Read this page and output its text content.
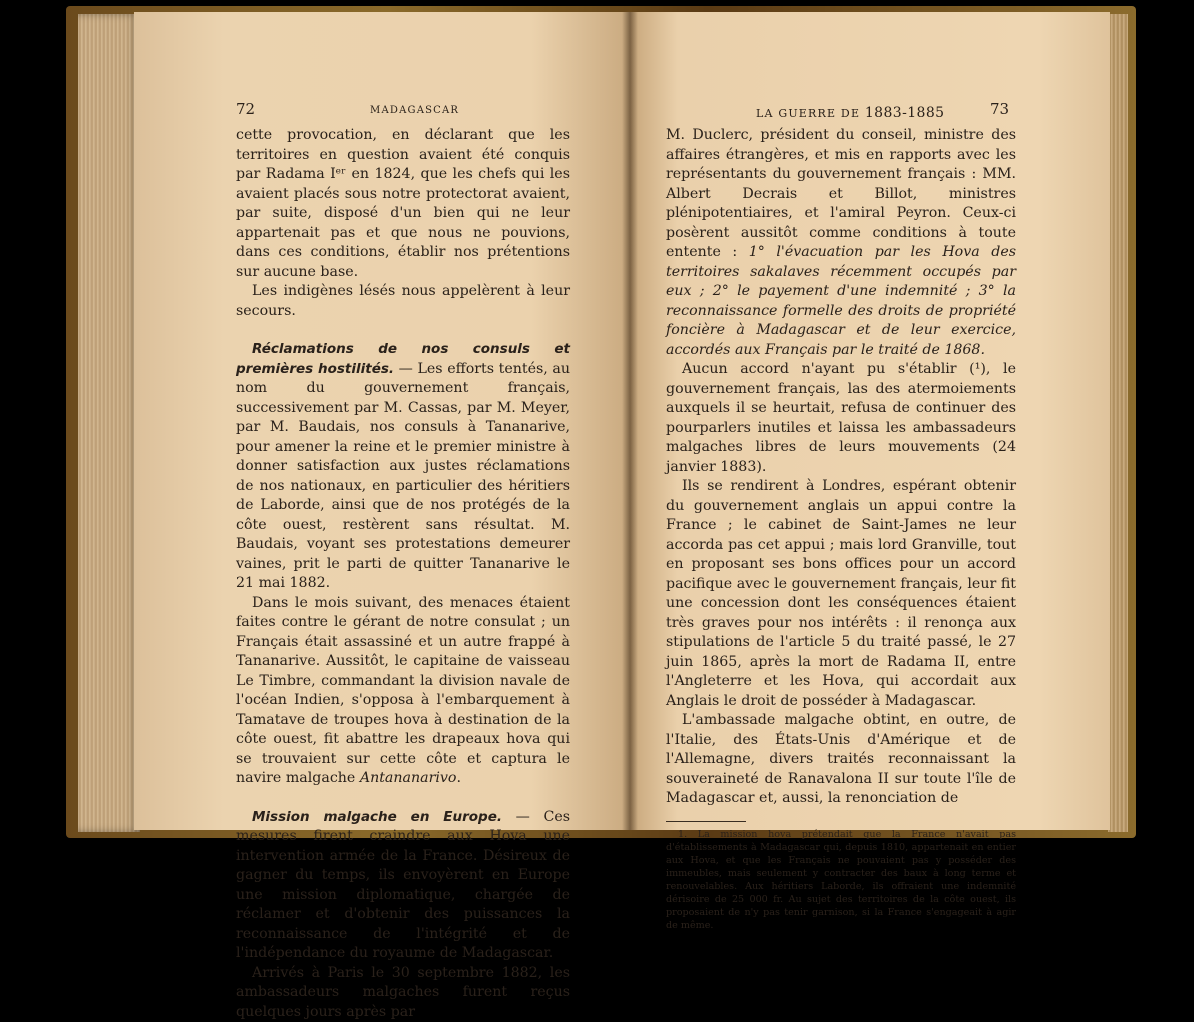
72	MADAGASCAR

cette provocation, en déclarant que les territoires en question avaient été conquis par Radama Iᵉʳ en 1824, que les chefs qui les avaient placés sous notre protectorat avaient, par suite, disposé d'un bien qui ne leur appartenait pas et que nous ne pouvions, dans ces conditions, établir nos prétentions sur aucune base.

Les indigènes lésés nous appelèrent à leur secours.

Réclamations de nos consuls et premières hostilités. — Les efforts tentés, au nom du gouvernement français, successivement par M. Cassas, par M. Meyer, par M. Baudais, nos consuls à Tananarive, pour amener la reine et le premier ministre à donner satisfaction aux justes réclamations de nos nationaux, en particulier des héritiers de Laborde, ainsi que de nos protégés de la côte ouest, restèrent sans résultat. M. Baudais, voyant ses protestations demeurer vaines, prit le parti de quitter Tananarive le 21 mai 1882.

Dans le mois suivant, des menaces étaient faites contre le gérant de notre consulat ; un Français était assassiné et un autre frappé à Tananarive. Aussitôt, le capitaine de vaisseau Le Timbre, commandant la division navale de l'océan Indien, s'opposa à l'embarquement à Tamatave de troupes hova à destination de la côte ouest, fit abattre les drapeaux hova qui se trouvaient sur cette côte et captura le navire malgache Antananarivo.

Mission malgache en Europe. — Ces mesures firent craindre aux Hova une intervention armée de la France. Désireux de gagner du temps, ils envoyèrent en Europe une mission diplomatique, chargée de réclamer et d'obtenir des puissances la reconnaissance de l'intégrité et de l'indépendance du royaume de Madagascar.

Arrivés à Paris le 30 septembre 1882, les ambassadeurs malgaches furent reçus quelques jours après par

LA GUERRE DE 1883-1885	73

M. Duclerc, président du conseil, ministre des affaires étrangères, et mis en rapports avec les représentants du gouvernement français : MM. Albert Decrais et Billot, ministres plénipotentiaires, et l'amiral Peyron. Ceux-ci posèrent aussitôt comme conditions à toute entente : 1° l'évacuation par les Hova des territoires sakalaves récemment occupés par eux ; 2° le payement d'une indemnité ; 3° la reconnaissance formelle des droits de propriété foncière à Madagascar et de leur exercice, accordés aux Français par le traité de 1868.

Aucun accord n'ayant pu s'établir (¹), le gouvernement français, las des atermoiements auxquels il se heurtait, refusa de continuer des pourparlers inutiles et laissa les ambassadeurs malgaches libres de leurs mouvements (24 janvier 1883).

Ils se rendirent à Londres, espérant obtenir du gouvernement anglais un appui contre la France ; le cabinet de Saint-James ne leur accorda pas cet appui ; mais lord Granville, tout en proposant ses bons offices pour un accord pacifique avec le gouvernement français, leur fit une concession dont les conséquences étaient très graves pour nos intérêts : il renonça aux stipulations de l'article 5 du traité passé, le 27 juin 1865, après la mort de Radama II, entre l'Angleterre et les Hova, qui accordait aux Anglais le droit de posséder à Madagascar.

L'ambassade malgache obtint, en outre, de l'Italie, des États-Unis d'Amérique et de l'Allemagne, divers traités reconnaissant la souveraineté de Ranavalona II sur toute l'île de Madagascar et, aussi, la renonciation de

1. La mission hova prétendait que la France n'avait pas d'établissements à Madagascar qui, depuis 1810, appartenait en entier aux Hova, et que les Français ne pouvaient pas y posséder des immeubles, mais seulement y contracter des baux à long terme et renouvelables. Aux héritiers Laborde, ils offraient une indemnité dérisoire de 25 000 fr. Au sujet des territoires de la côte ouest, ils proposaient de n'y pas tenir garnison, si la France s'engageait à agir de même.
